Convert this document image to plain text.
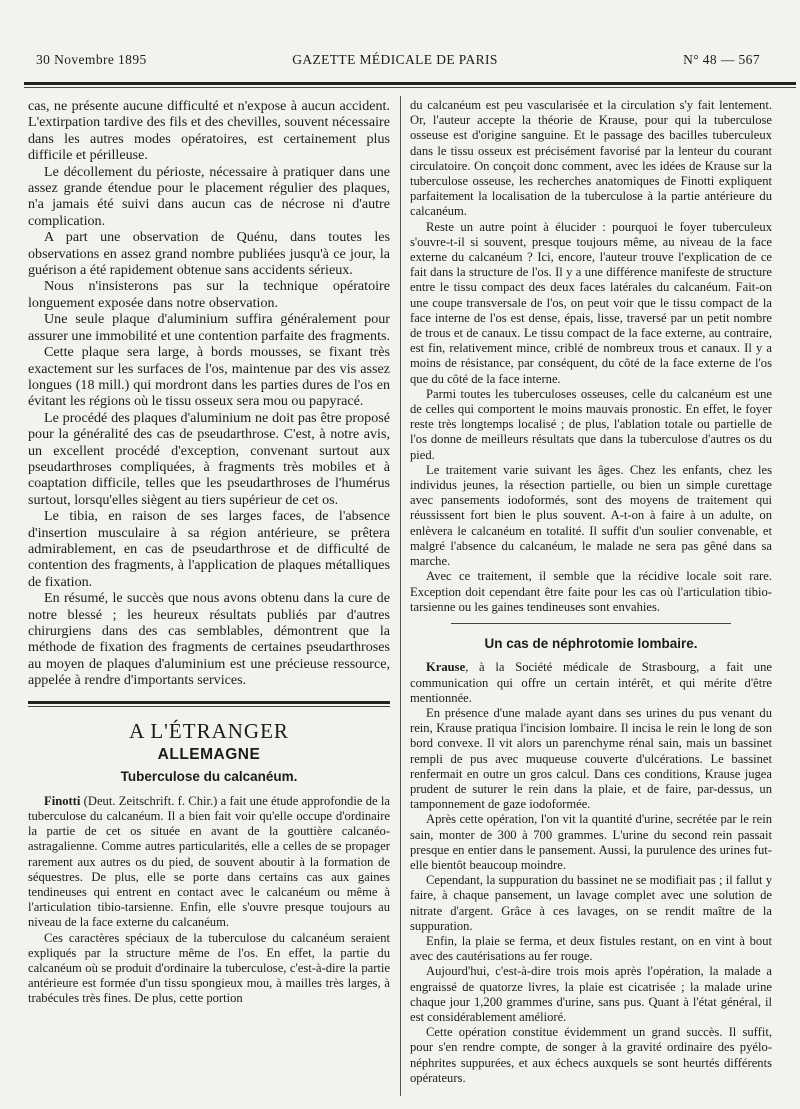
30 Novembre 1895	GAZETTE MÉDICALE DE PARIS	N° 48 — 567

cas, ne présente aucune difficulté et n'expose à aucun accident. L'extirpation tardive des fils et des chevilles, souvent nécessaire dans les autres modes opératoires, est certainement plus difficile et périlleuse.

Le décollement du périoste, nécessaire à pratiquer dans une assez grande étendue pour le placement régulier des plaques, n'a jamais été suivi dans aucun cas de nécrose ni d'autre complication.

A part une observation de Quénu, dans toutes les observations en assez grand nombre publiées jusqu'à ce jour, la guérison a été rapidement obtenue sans accidents sérieux.

Nous n'insisterons pas sur la technique opératoire longuement exposée dans notre observation.

Une seule plaque d'aluminium suffira généralement pour assurer une immobilité et une contention parfaite des fragments.

Cette plaque sera large, à bords mousses, se fixant très exactement sur les surfaces de l'os, maintenue par des vis assez longues (18 mill.) qui mordront dans les parties dures de l'os en évitant les régions où le tissu osseux sera mou ou papyracé.

Le procédé des plaques d'aluminium ne doit pas être proposé pour la généralité des cas de pseudarthrose. C'est, à notre avis, un excellent procédé d'exception, convenant surtout aux pseudarthroses compliquées, à fragments très mobiles et à coaptation difficile, telles que les pseudarthroses de l'humérus surtout, lorsqu'elles siègent au tiers supérieur de cet os.

Le tibia, en raison de ses larges faces, de l'absence d'insertion musculaire à sa région antérieure, se prêtera admirablement, en cas de pseudarthrose et de difficulté de contention des fragments, à l'application de plaques métalliques de fixation.

En résumé, le succès que nous avons obtenu dans la cure de notre blessé ; les heureux résultats publiés par d'autres chirurgiens dans des cas semblables, démontrent que la méthode de fixation des fragments de certaines pseudarthroses au moyen de plaques d'aluminium est une précieuse ressource, appelée à rendre d'importants services.

A L'ÉTRANGER
ALLEMAGNE
Tuberculose du calcanéum.

Finotti (Deut. Zeitschrift. f. Chir.) a fait une étude approfondie de la tuberculose du calcanéum. Il a bien fait voir qu'elle occupe d'ordinaire la partie de cet os située en avant de la gouttière calcanéo-astragalienne. Comme autres particularités, elle a celles de se propager rarement aux autres os du pied, de souvent aboutir à la formation de séquestres. De plus, elle se porte dans certains cas aux gaines tendineuses qui entrent en contact avec le calcanéum ou même à l'articulation tibio-tarsienne. Enfin, elle s'ouvre presque toujours au niveau de la face externe du calcanéum.

Ces caractères spéciaux de la tuberculose du calcanéum seraient expliqués par la structure même de l'os. En effet, la partie du calcanéum où se produit d'ordinaire la tuberculose, c'est-à-dire la partie antérieure est formée d'un tissu spongieux mou, à mailles très larges, à trabécules très fines. De plus, cette portion

du calcanéum est peu vascularisée et la circulation s'y fait lentement. Or, l'auteur accepte la théorie de Krause, pour qui la tuberculose osseuse est d'origine sanguine. Et le passage des bacilles tuberculeux dans le tissu osseux est précisément favorisé par la lenteur du courant circulatoire. On conçoit donc comment, avec les idées de Krause sur la tuberculose osseuse, les recherches anatomiques de Finotti expliquent parfaitement la localisation de la tuberculose à la partie antérieure du calcanéum.

Reste un autre point à élucider : pourquoi le foyer tuberculeux s'ouvre-t-il si souvent, presque toujours même, au niveau de la face externe du calcanéum ? Ici, encore, l'auteur trouve l'explication de ce fait dans la structure de l'os. Il y a une différence manifeste de structure entre le tissu compact des deux faces latérales du calcanéum. Fait-on une coupe transversale de l'os, on peut voir que le tissu compact de la face interne de l'os est dense, épais, lisse, traversé par un petit nombre de trous et de canaux. Le tissu compact de la face externe, au contraire, est fin, relativement mince, criblé de nombreux trous et canaux. Il y a moins de résistance, par conséquent, du côté de la face externe de l'os que du côté de la face interne.

Parmi toutes les tuberculoses osseuses, celle du calcanéum est une de celles qui comportent le moins mauvais pronostic. En effet, le foyer reste très longtemps localisé ; de plus, l'ablation totale ou partielle de l'os donne de meilleurs résultats que dans la tuberculose d'autres os du pied.

Le traitement varie suivant les âges. Chez les enfants, chez les individus jeunes, la résection partielle, ou bien un simple curettage avec pansements iodoformés, sont des moyens de traitement qui réussissent fort bien le plus souvent. A-t-on à faire à un adulte, on enlèvera le calcanéum en totalité. Il suffit d'un soulier convenable, et malgré l'absence du calcanéum, le malade ne sera pas gêné dans sa marche.

Avec ce traitement, il semble que la récidive locale soit rare. Exception doit cependant être faite pour les cas où l'articulation tibio-tarsienne ou les gaines tendineuses sont envahies.

Un cas de néphrotomie lombaire.

Krause, à la Société médicale de Strasbourg, a fait une communication qui offre un certain intérêt, et qui mérite d'être mentionnée.

En présence d'une malade ayant dans ses urines du pus venant du rein, Krause pratiqua l'incision lombaire. Il incisa le rein le long de son bord convexe. Il vit alors un parenchyme rénal sain, mais un bassinet rempli de pus avec muqueuse couverte d'ulcérations. Le bassinet renfermait en outre un gros calcul. Dans ces conditions, Krause jugea prudent de suturer le rein dans la plaie, et de faire, par-dessus, un tamponnement de gaze iodoformée.

Après cette opération, l'on vit la quantité d'urine, secrétée par le rein sain, monter de 300 à 700 grammes. L'urine du second rein passait presque en entier dans le pansement. Aussi, la purulence des urines fut-elle bientôt beaucoup moindre.

Cependant, la suppuration du bassinet ne se modifiait pas ; il fallut y faire, à chaque pansement, un lavage complet avec une solution de nitrate d'argent. Grâce à ces lavages, on se rendit maître de la suppuration.

Enfin, la plaie se ferma, et deux fistules restant, on en vint à bout avec des cautérisations au fer rouge.

Aujourd'hui, c'est-à-dire trois mois après l'opération, la malade a engraissé de quatorze livres, la plaie est cicatrisée ; la malade urine chaque jour 1,200 grammes d'urine, sans pus. Quant à l'état général, il est considérablement amélioré.

Cette opération constitue évidemment un grand succès. Il suffit, pour s'en rendre compte, de songer à la gravité ordinaire des pyélo-néphrites suppurées, et aux échecs auxquels se sont heurtés différents opérateurs.
